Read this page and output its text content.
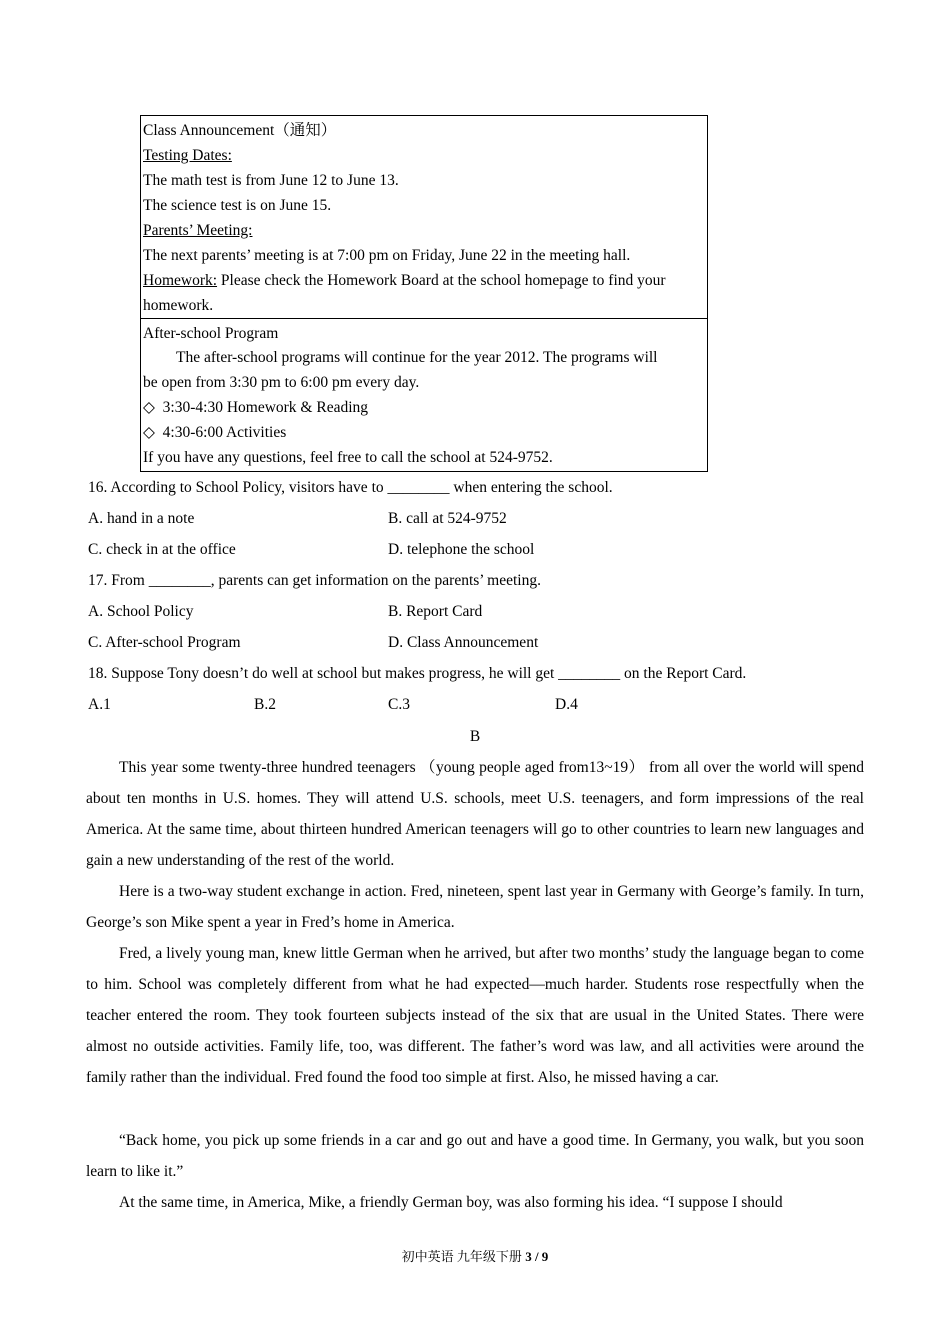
Class Announcement（通知）
Testing Dates:
The math test is from June 12 to June 13.
The science test is on June 15.
Parents’ Meeting:
The next parents’ meeting is at 7:00 pm on Friday, June 22 in the meeting hall.
Homework: Please check the Homework Board at the school homepage to find your
homework.
After-school Program
The after-school programs will continue for the year 2012. The programs will
be open from 3:30 pm to 6:00 pm every day.
◇ 3:30-4:30 Homework & Reading
◇ 4:30-6:00 Activities
If you have any questions, feel free to call the school at 524-9752.
16. According to School Policy, visitors have to ________ when entering the school.
A. hand in a note	B. call at 524-9752
C. check in at the office	D. telephone the school
17. From ________, parents can get information on the parents’ meeting.
A. School Policy	B. Report Card
C. After-school Program	D. Class Announcement
18. Suppose Tony doesn’t do well at school but makes progress, he will get ________ on the Report Card.
A.1	B.2	C.3	D.4
B

This year some twenty-three hundred teenagers （young people aged from13~19） from all over the world will spend about ten months in U.S. homes. They will attend U.S. schools, meet U.S. teenagers, and form impressions of the real America. At the same time, about thirteen hundred American teenagers will go to other countries to learn new languages and gain a new understanding of the rest of the world.

Here is a two-way student exchange in action. Fred, nineteen, spent last year in Germany with George’s family. In turn, George’s son Mike spent a year in Fred’s home in America.

Fred, a lively young man, knew little German when he arrived, but after two months’ study the language began to come to him. School was completely different from what he had expected—much harder. Students rose respectfully when the teacher entered the room. They took fourteen subjects instead of the six that are usual in the United States. There were almost no outside activities. Family life, too, was different. The father’s word was law, and all activities were around the family rather than the individual. Fred found the food too simple at first. Also, he missed having a car.

“Back home, you pick up some friends in a car and go out and have a good time. In Germany, you walk, but you soon learn to like it.”

At the same time, in America, Mike, a friendly German boy, was also forming his idea. “I suppose I should

初中英语 九年级下册 3 / 9
